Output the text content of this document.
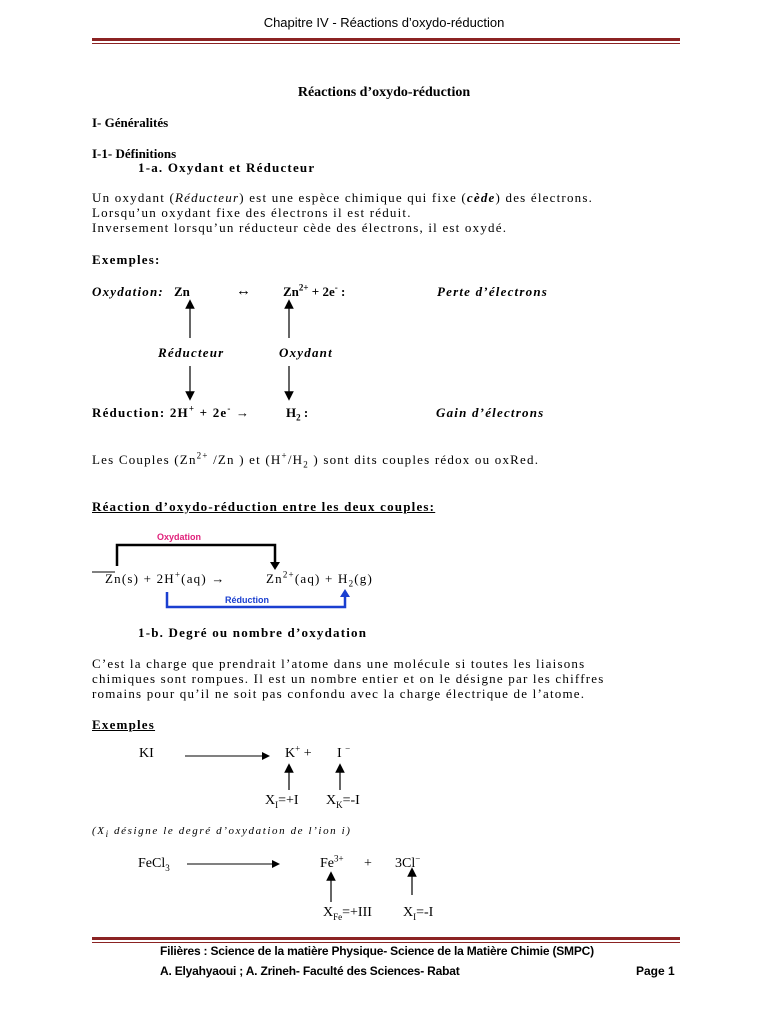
Chapitre IV - Réactions d’oxydo-réduction
Réactions d’oxydo-réduction
I- Généralités
I-1- Définitions
1-a. Oxydant et Réducteur
Un oxydant (Réducteur) est une espèce chimique qui fixe (cède) des électrons.
Lorsqu’un oxydant fixe des électrons il est réduit.
Inversement lorsqu’un réducteur cède des électrons, il est oxydé.
Exemples:
Oxydation: Zn	↔ $Zn^{2+} + 2e^-$ :	Perte d’électrons
Réducteur	Oxydant
Réduction: 2H+ + 2e- →	$H_2$ :	Gain d’électrons
Les Couples ($Zn^{2+}$ /Zn ) et ($H^+/H_2$ ) sont dits couples rédox ou oxRed.
Réaction d’oxydo-réduction entre les deux couples:
Oxydation
Zn(s) + 2H+(aq) →	$Zn^{2+}(aq) + H_2(g)$
Réduction
1-b. Degré ou nombre d’oxydation
C’est la charge que prendrait l’atome dans une molécule si toutes les liaisons
chimiques sont rompues. Il est un nombre entier et on le désigne par les chiffres
romains pour qu’il ne soit pas confondu avec la charge électrique de l’atome.
Exemples
KI	K+ + I −
$X_I=+I$ $X_K=-I$
($X_i$ désigne le degré d’oxydation de l’ion i)
FeCl$_3$	$Fe^{3+} + 3Cl^-$
$X_{Fe}=+III$ $X_I=-I$
Filières : Science de la matière Physique- Science de la Matière Chimie (SMPC)
A. Elyahyaoui ; A. Zrineh- Faculté des Sciences- Rabat	Page 1
